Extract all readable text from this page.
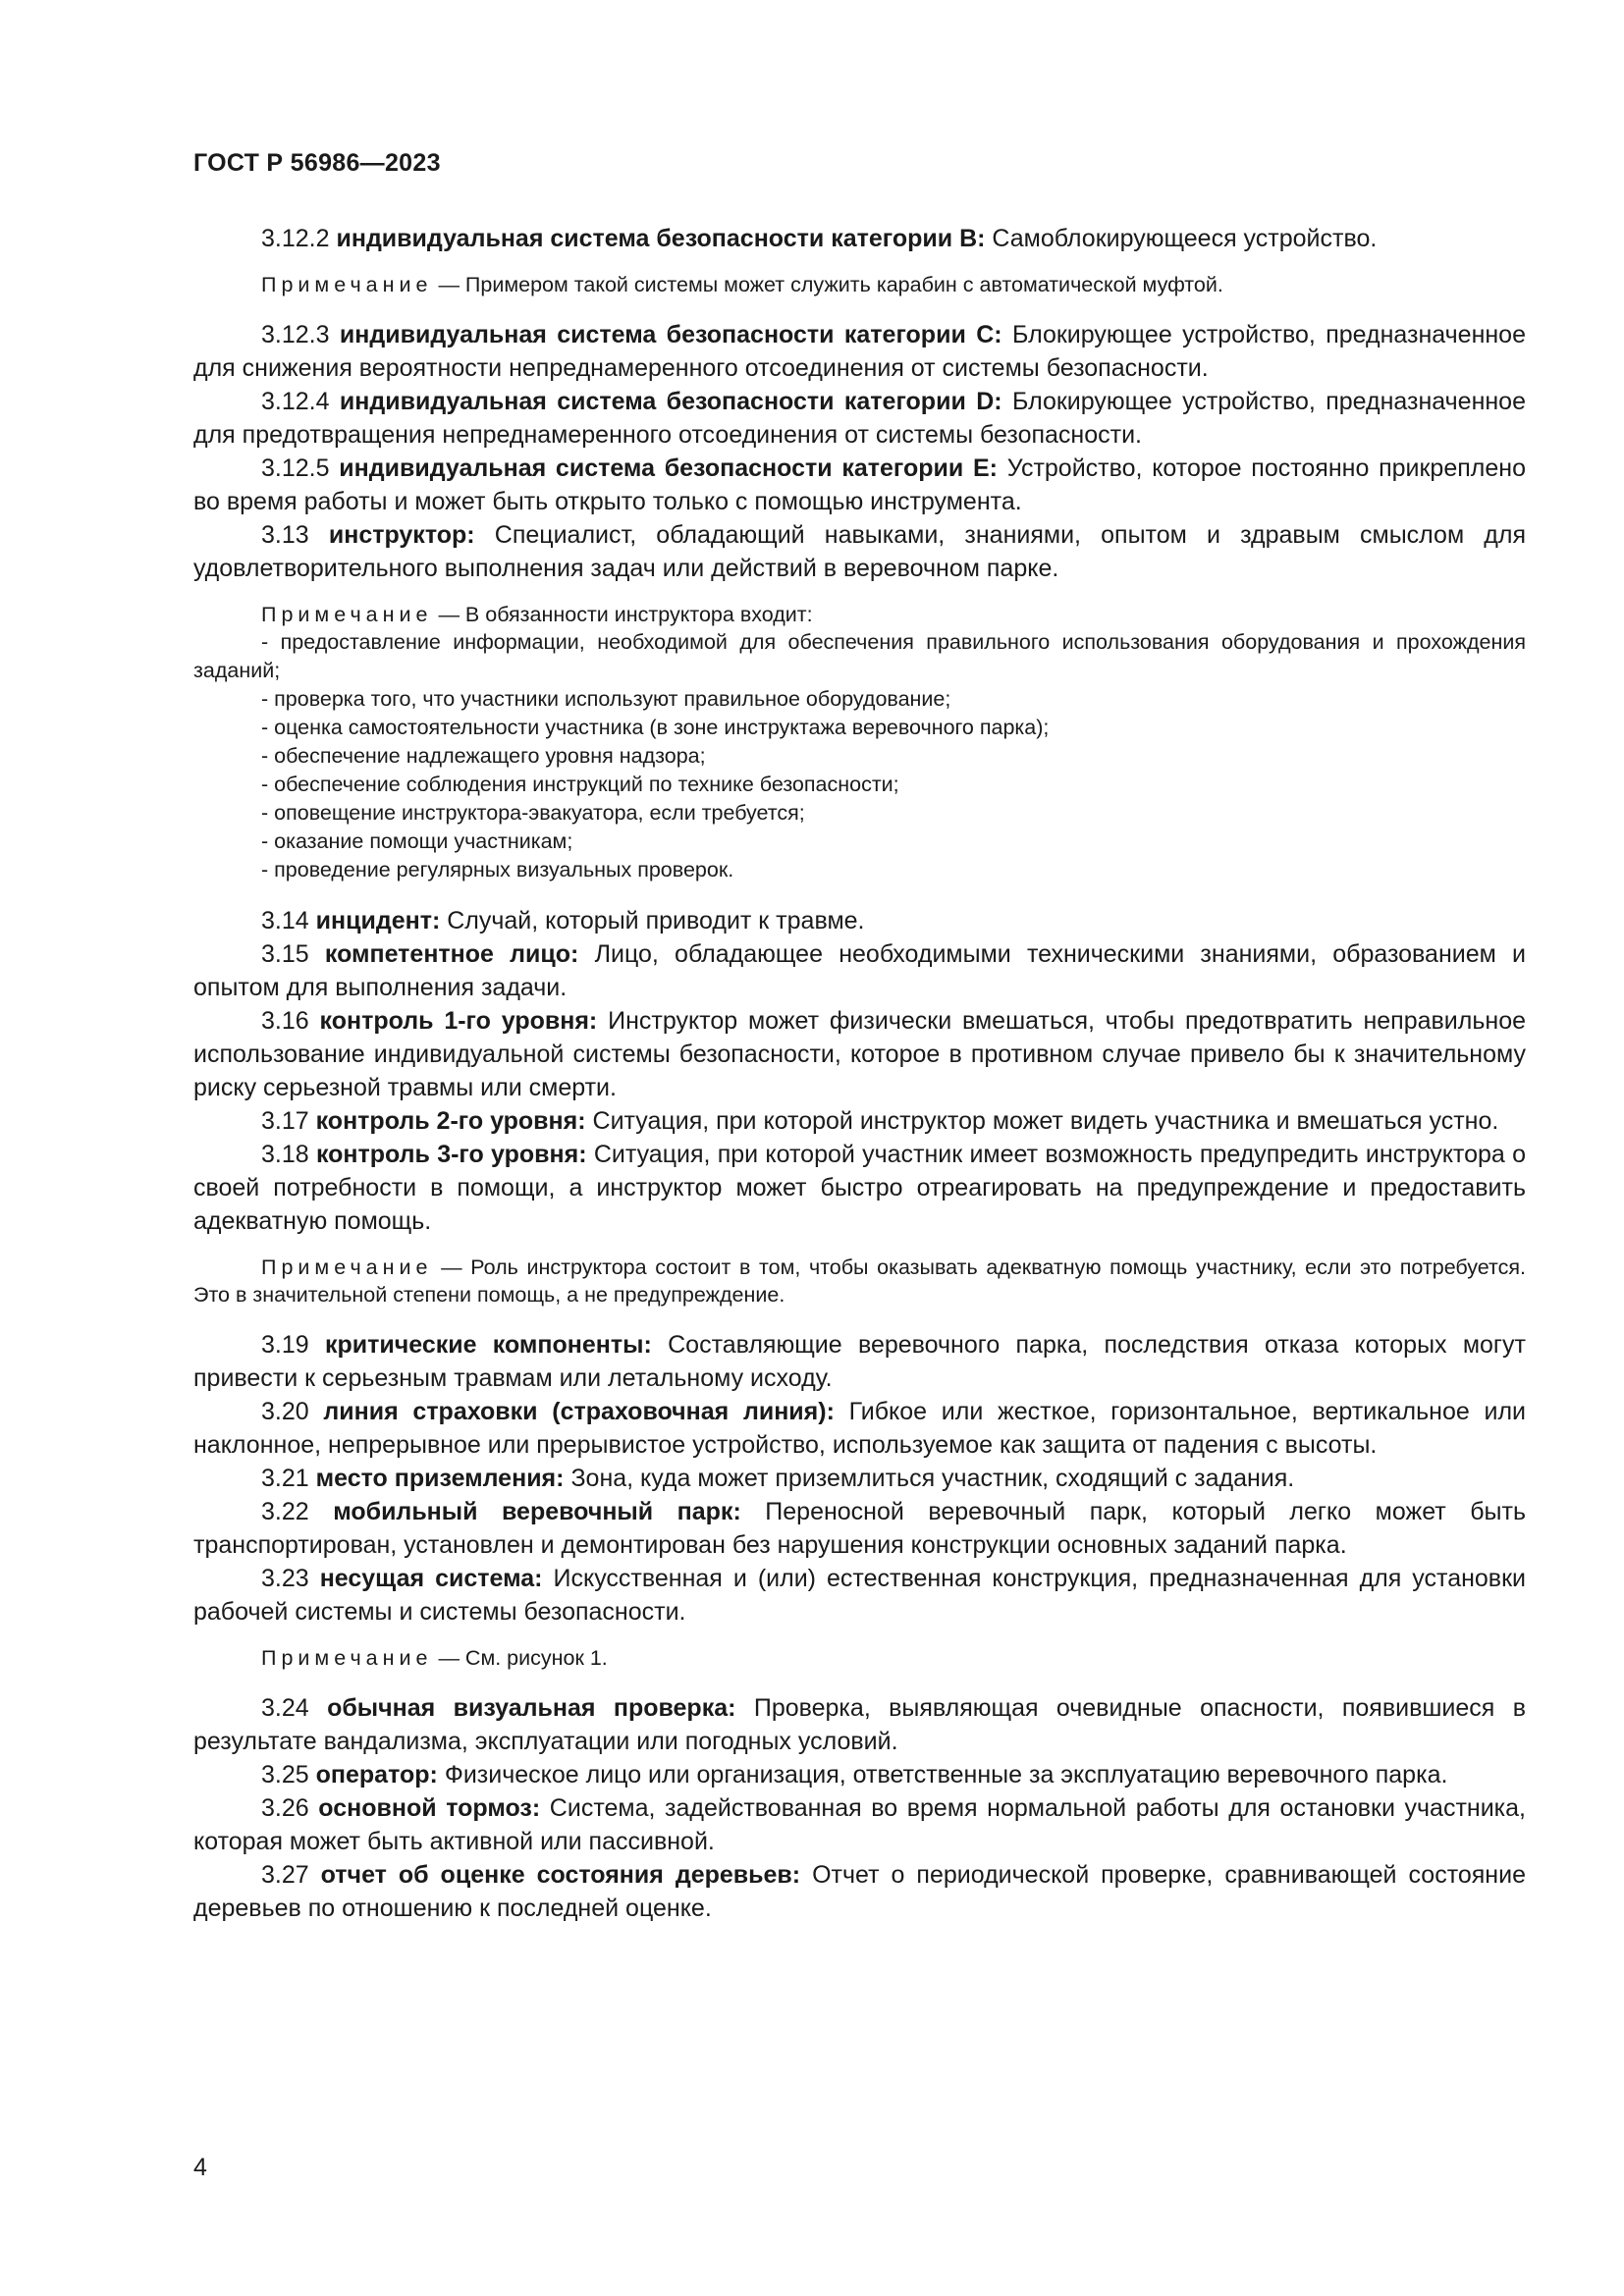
ГОСТ Р 56986—2023

3.12.2 индивидуальная система безопасности категории B: Самоблокирующееся устройство.

Примечание — Примером такой системы может служить карабин с автоматической муфтой.

3.12.3 индивидуальная система безопасности категории C: Блокирующее устройство, предназначенное для снижения вероятности непреднамеренного отсоединения от системы безопасности.

3.12.4 индивидуальная система безопасности категории D: Блокирующее устройство, предназначенное для предотвращения непреднамеренного отсоединения от системы безопасности.

3.12.5 индивидуальная система безопасности категории E: Устройство, которое постоянно прикреплено во время работы и может быть открыто только с помощью инструмента.

3.13 инструктор: Специалист, обладающий навыками, знаниями, опытом и здравым смыслом для удовлетворительного выполнения задач или действий в веревочном парке.

Примечание — В обязанности инструктора входит:

- предоставление информации, необходимой для обеспечения правильного использования оборудования и прохождения заданий;
- проверка того, что участники используют правильное оборудование;
- оценка самостоятельности участника (в зоне инструктажа веревочного парка);
- обеспечение надлежащего уровня надзора;
- обеспечение соблюдения инструкций по технике безопасности;
- оповещение инструктора-эвакуатора, если требуется;
- оказание помощи участникам;
- проведение регулярных визуальных проверок.

3.14 инцидент: Случай, который приводит к травме.

3.15 компетентное лицо: Лицо, обладающее необходимыми техническими знаниями, образованием и опытом для выполнения задачи.

3.16 контроль 1-го уровня: Инструктор может физически вмешаться, чтобы предотвратить неправильное использование индивидуальной системы безопасности, которое в противном случае привело бы к значительному риску серьезной травмы или смерти.

3.17 контроль 2-го уровня: Ситуация, при которой инструктор может видеть участника и вмешаться устно.

3.18 контроль 3-го уровня: Ситуация, при которой участник имеет возможность предупредить инструктора о своей потребности в помощи, а инструктор может быстро отреагировать на предупреждение и предоставить адекватную помощь.

Примечание — Роль инструктора состоит в том, чтобы оказывать адекватную помощь участнику, если это потребуется. Это в значительной степени помощь, а не предупреждение.

3.19 критические компоненты: Составляющие веревочного парка, последствия отказа которых могут привести к серьезным травмам или летальному исходу.

3.20 линия страховки (страховочная линия): Гибкое или жесткое, горизонтальное, вертикальное или наклонное, непрерывное или прерывистое устройство, используемое как защита от падения с высоты.

3.21 место приземления: Зона, куда может приземлиться участник, сходящий с задания.

3.22 мобильный веревочный парк: Переносной веревочный парк, который легко может быть транспортирован, установлен и демонтирован без нарушения конструкции основных заданий парка.

3.23 несущая система: Искусственная и (или) естественная конструкция, предназначенная для установки рабочей системы и системы безопасности.

Примечание — См. рисунок 1.

3.24 обычная визуальная проверка: Проверка, выявляющая очевидные опасности, появившиеся в результате вандализма, эксплуатации или погодных условий.

3.25 оператор: Физическое лицо или организация, ответственные за эксплуатацию веревочного парка.

3.26 основной тормоз: Система, задействованная во время нормальной работы для остановки участника, которая может быть активной или пассивной.

3.27 отчет об оценке состояния деревьев: Отчет о периодической проверке, сравнивающей состояние деревьев по отношению к последней оценке.

4
